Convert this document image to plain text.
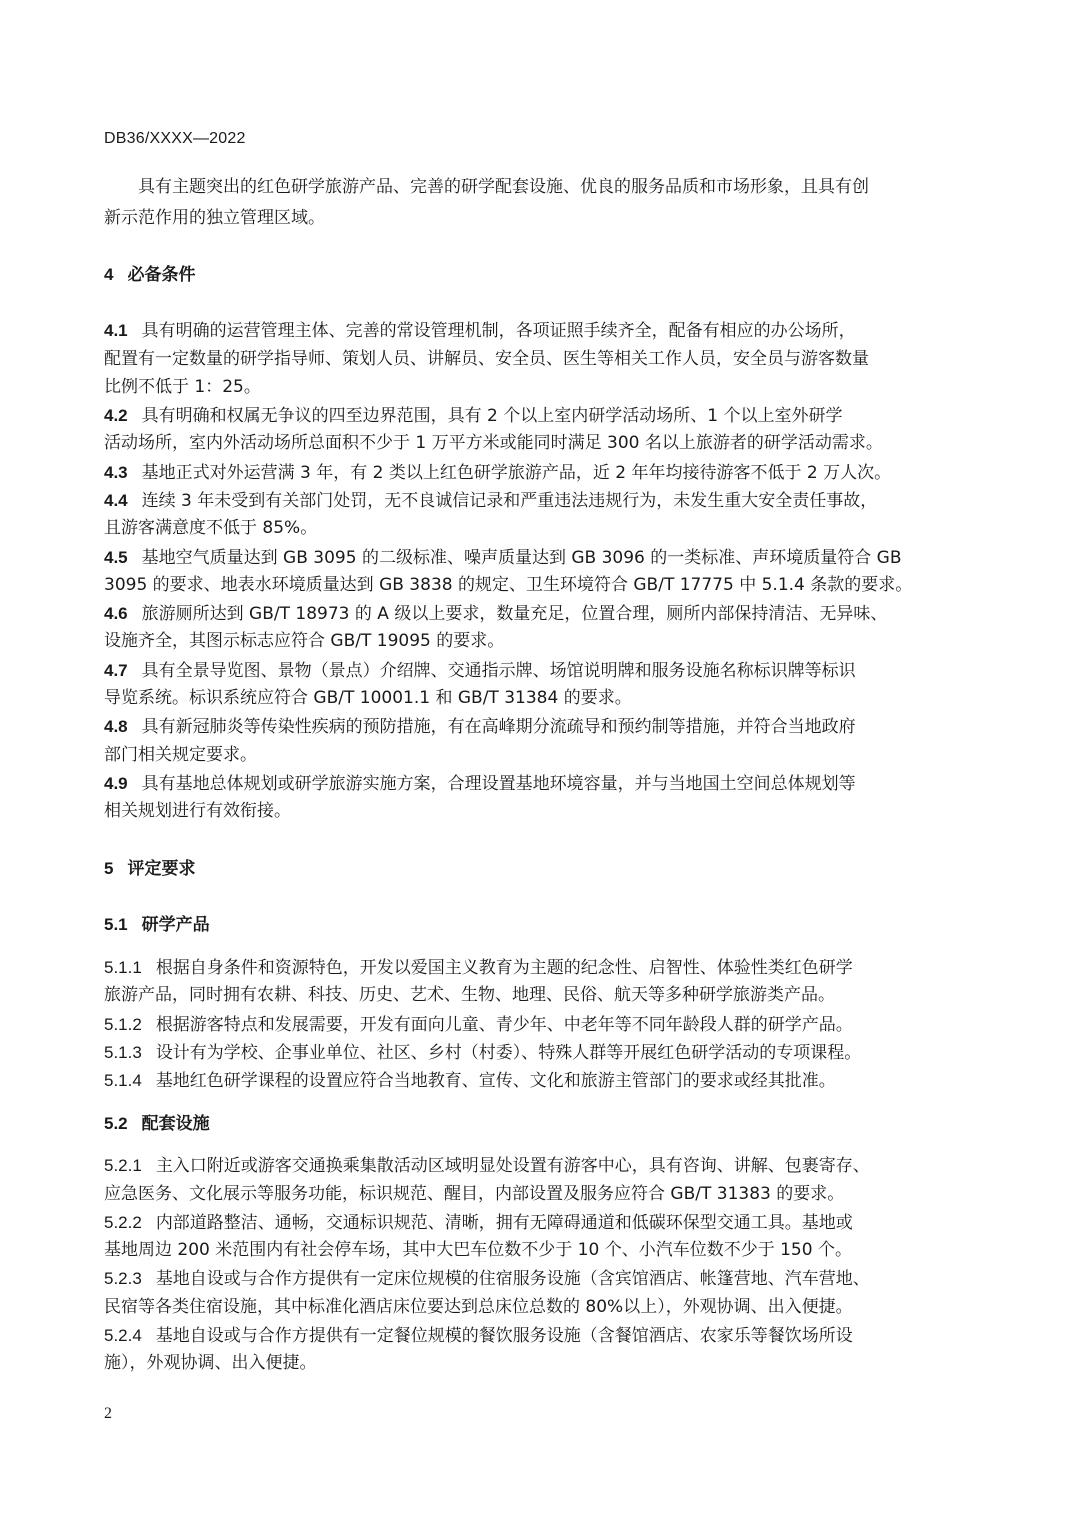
DB36/XXXX—2022
具有主题突出的红色研学旅游产品、完善的研学配套设施、优良的服务品质和市场形象，且具有创
新示范作用的独立管理区域。
4 必备条件
4.1 具有明确的运营管理主体、完善的常设管理机制，各项证照手续齐全，配备有相应的办公场所，
配置有一定数量的研学指导师、策划人员、讲解员、安全员、医生等相关工作人员，安全员与游客数量
比例不低于 1：25。
4.2 具有明确和权属无争议的四至边界范围，具有 2 个以上室内研学活动场所、1 个以上室外研学
活动场所，室内外活动场所总面积不少于 1 万平方米或能同时满足 300 名以上旅游者的研学活动需求。
4.3 基地正式对外运营满 3 年，有 2 类以上红色研学旅游产品，近 2 年年均接待游客不低于 2 万人次。
4.4 连续 3 年未受到有关部门处罚，无不良诚信记录和严重违法违规行为，未发生重大安全责任事故，
且游客满意度不低于 85%。
4.5 基地空气质量达到 GB 3095 的二级标准、噪声质量达到 GB 3096 的一类标准、声环境质量符合 GB
3095 的要求、地表水环境质量达到 GB 3838 的规定、卫生环境符合 GB/T 17775 中 5.1.4 条款的要求。
4.6 旅游厕所达到 GB/T 18973 的 A 级以上要求，数量充足，位置合理，厕所内部保持清洁、无异味、
设施齐全，其图示标志应符合 GB/T 19095 的要求。
4.7 具有全景导览图、景物（景点）介绍牌、交通指示牌、场馆说明牌和服务设施名称标识牌等标识
导览系统。标识系统应符合 GB/T 10001.1 和 GB/T 31384 的要求。
4.8 具有新冠肺炎等传染性疾病的预防措施，有在高峰期分流疏导和预约制等措施，并符合当地政府
部门相关规定要求。
4.9 具有基地总体规划或研学旅游实施方案，合理设置基地环境容量，并与当地国土空间总体规划等
相关规划进行有效衔接。
5 评定要求
5.1 研学产品
5.1.1 根据自身条件和资源特色，开发以爱国主义教育为主题的纪念性、启智性、体验性类红色研学
旅游产品，同时拥有农耕、科技、历史、艺术、生物、地理、民俗、航天等多种研学旅游类产品。
5.1.2 根据游客特点和发展需要，开发有面向儿童、青少年、中老年等不同年龄段人群的研学产品。
5.1.3 设计有为学校、企事业单位、社区、乡村（村委）、特殊人群等开展红色研学活动的专项课程。
5.1.4 基地红色研学课程的设置应符合当地教育、宣传、文化和旅游主管部门的要求或经其批准。
5.2 配套设施
5.2.1 主入口附近或游客交通换乘集散活动区域明显处设置有游客中心，具有咨询、讲解、包裹寄存、
应急医务、文化展示等服务功能，标识规范、醒目，内部设置及服务应符合 GB/T 31383 的要求。
5.2.2 内部道路整洁、通畅，交通标识规范、清晰，拥有无障碍通道和低碳环保型交通工具。基地或
基地周边 200 米范围内有社会停车场，其中大巴车位数不少于 10 个、小汽车位数不少于 150 个。
5.2.3 基地自设或与合作方提供有一定床位规模的住宿服务设施（含宾馆酒店、帐篷营地、汽车营地、
民宿等各类住宿设施，其中标准化酒店床位要达到总床位总数的 80%以上），外观协调、出入便捷。
5.2.4 基地自设或与合作方提供有一定餐位规模的餐饮服务设施（含餐馆酒店、农家乐等餐饮场所设
施），外观协调、出入便捷。
2
